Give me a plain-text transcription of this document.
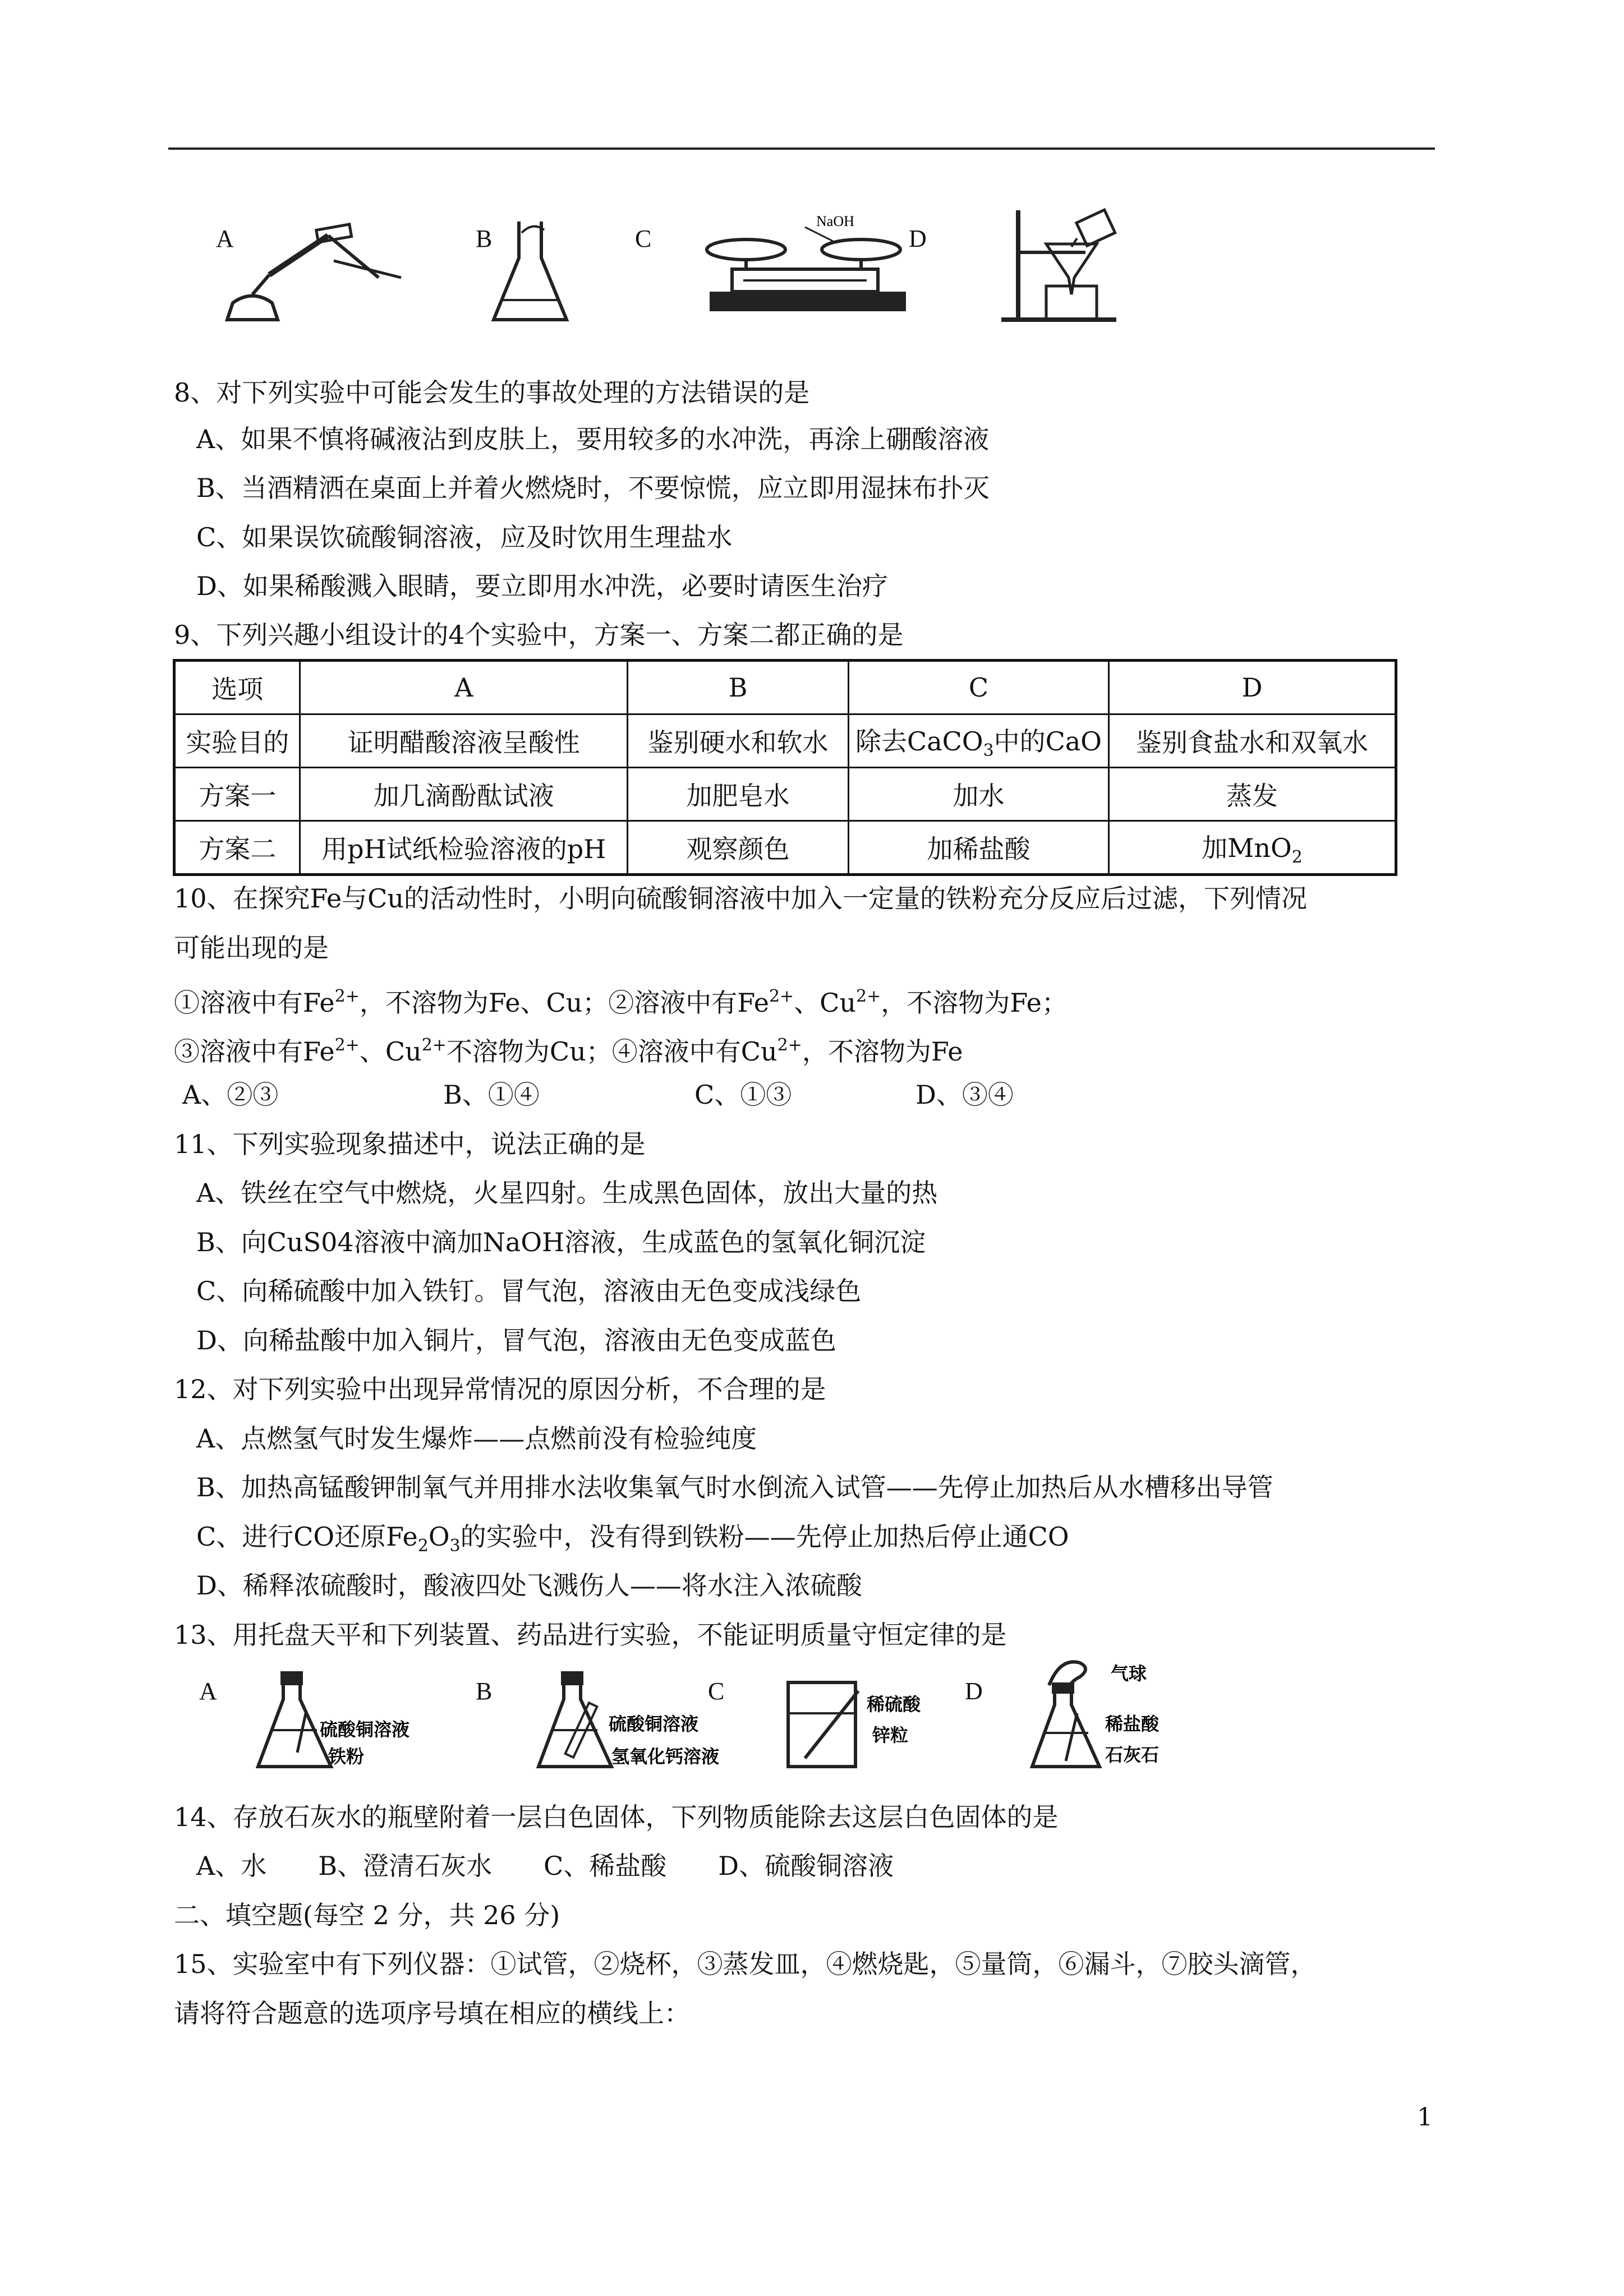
A	B	C
NaOH
D
8、对下列实验中可能会发生的事故处理的方法错误的是
A、如果不慎将碱液沾到皮肤上，要用较多的水冲洗，再涂上硼酸溶液
B、当酒精洒在桌面上并着火燃烧时，不要惊慌，应立即用湿抹布扑灭
C、如果误饮硫酸铜溶液，应及时饮用生理盐水
D、如果稀酸溅入眼睛，要立即用水冲洗，必要时请医生治疗
9、下列兴趣小组设计的4个实验中，方案一、方案二都正确的是
选项	A	B	C	D
实验目的	证明醋酸溶液呈酸性	鉴别硬水和软水	除去CaCO$_3$中的CaO	鉴别食盐水和双氧水
方案一	加几滴酚酞试液	加肥皂水	加水	蒸发
方案二	用pH试纸检验溶液的pH	观察颜色	加稀盐酸	加MnO$_2$
10、在探究Fe与Cu的活动性时，小明向硫酸铜溶液中加入一定量的铁粉充分反应后过滤，下列情况
可能出现的是
①溶液中有$Fe^{2+}$，不溶物为Fe、Cu；②溶液中有$Fe^{2+}$、$Cu^{2+}$，不溶物为Fe；
③溶液中有$Fe^{2+}$、$Cu^{2+}$不溶物为Cu；④溶液中有$Cu^{2+}$，不溶物为Fe
A、②③	B、①④	C、①③	D、③④
11、下列实验现象描述中，说法正确的是
A、铁丝在空气中燃烧，火星四射。生成黑色固体，放出大量的热
B、向CuS04溶液中滴加NaOH溶液，生成蓝色的氢氧化铜沉淀
C、向稀硫酸中加入铁钉。冒气泡，溶液由无色变成浅绿色
D、向稀盐酸中加入铜片，冒气泡，溶液由无色变成蓝色
12、对下列实验中出现异常情况的原因分析，不合理的是
A、点燃氢气时发生爆炸——点燃前没有检验纯度
B、加热高锰酸钾制氧气并用排水法收集氧气时水倒流入试管——先停止加热后从水槽移出导管
C、进行CO还原$Fe_2O_3$的实验中，没有得到铁粉——先停止加热后停止通CO
D、稀释浓硫酸时，酸液四处飞溅伤人——将水注入浓硫酸
13、用托盘天平和下列装置、药品进行实验，不能证明质量守恒定律的是
A	B	C	D
硫酸铜溶液
铁粉
硫酸铜溶液
氢氧化钙溶液
稀硫酸
锌粒
气球
稀盐酸
石灰石
14、存放石灰水的瓶壁附着一层白色固体，下列物质能除去这层白色固体的是
A、水　　B、澄清石灰水　　C、稀盐酸　　D、硫酸铜溶液
二、填空题(每空 2 分，共 26 分)
15、实验室中有下列仪器：①试管，②烧杯，③蒸发皿，④燃烧匙，⑤量筒，⑥漏斗，⑦胶头滴管，
请将符合题意的选项序号填在相应的横线上：
1
